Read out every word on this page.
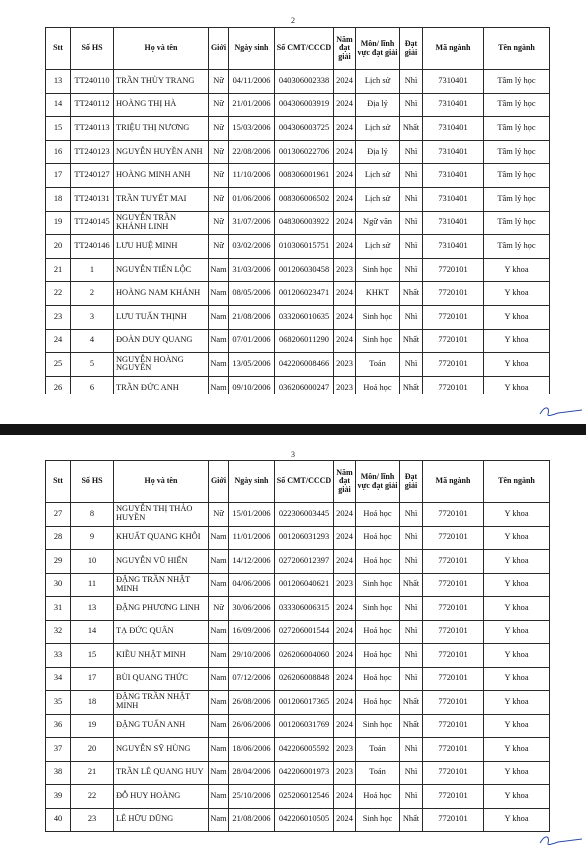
2
Stt	Số HS	Họ và tên	Giới	Ngày sinh	Số CMT/CCCD	Năm đạt giải	Môn/ lĩnh vực đạt giải	Đạt giải	Mã ngành	Tên ngành
13	TT240110	TRẦN THÙY TRANG	Nữ	04/11/2006	040306002338	2024	Lịch sử	Nhì	7310401	Tâm lý học
14	TT240112	HOÀNG THỊ HÀ	Nữ	21/01/2006	004306003919	2024	Địa lý	Nhì	7310401	Tâm lý học
15	TT240113	TRIỆU THỊ NƯƠNG	Nữ	15/03/2006	004306003725	2024	Lịch sử	Nhất	7310401	Tâm lý học
16	TT240123	NGUYỄN HUYỀN ANH	Nữ	22/08/2006	001306022706	2024	Địa lý	Nhì	7310401	Tâm lý học
17	TT240127	HOÀNG MINH ANH	Nữ	11/10/2006	008306001961	2024	Lịch sử	Nhì	7310401	Tâm lý học
18	TT240131	TRẦN TUYẾT MAI	Nữ	01/06/2006	008306006502	2024	Lịch sử	Nhì	7310401	Tâm lý học
19	TT240145	NGUYỄN TRẦN KHÁNH LINH	Nữ	31/07/2006	048306003922	2024	Ngữ văn	Nhì	7310401	Tâm lý học
20	TT240146	LƯU HUỆ MINH	Nữ	03/02/2006	010306015751	2024	Lịch sử	Nhì	7310401	Tâm lý học
21	1	NGUYỄN TIẾN LỘC	Nam	31/03/2006	001206030458	2023	Sinh học	Nhì	7720101	Y khoa
22	2	HOÀNG NAM KHÁNH	Nam	08/05/2006	001206023471	2024	KHKT	Nhất	7720101	Y khoa
23	3	LƯU TUẤN THỊNH	Nam	21/08/2006	033206010635	2024	Sinh học	Nhì	7720101	Y khoa
24	4	ĐOÀN DUY QUANG	Nam	07/01/2006	068206011290	2024	Sinh học	Nhất	7720101	Y khoa
25	5	NGUYỄN HOÀNG NGUYÊN	Nam	13/05/2006	042206008466	2023	Toán	Nhì	7720101	Y khoa
26	6	TRẦN ĐỨC ANH	Nam	09/10/2006	036206000247	2023	Hoá học	Nhất	7720101	Y khoa
3
Stt	Số HS	Họ và tên	Giới	Ngày sinh	Số CMT/CCCD	Năm đạt giải	Môn/ lĩnh vực đạt giải	Đạt giải	Mã ngành	Tên ngành
27	8	NGUYỄN THỊ THẢO HUYỀN	Nữ	15/01/2006	022306003445	2024	Hoá học	Nhì	7720101	Y khoa
28	9	KHUẤT QUANG KHÔI	Nam	11/01/2006	001206031293	2024	Hoá học	Nhì	7720101	Y khoa
29	10	NGUYỄN VŨ HIỂN	Nam	14/12/2006	027206012397	2024	Hoá học	Nhì	7720101	Y khoa
30	11	ĐẶNG TRẦN NHẬT MINH	Nam	04/06/2006	001206040621	2023	Sinh học	Nhất	7720101	Y khoa
31	13	ĐẶNG PHƯƠNG LINH	Nữ	30/06/2006	033306006315	2024	Sinh học	Nhì	7720101	Y khoa
32	14	TẠ ĐỨC QUÂN	Nam	16/09/2006	027206001544	2024	Hoá học	Nhì	7720101	Y khoa
33	15	KIỀU NHẬT MINH	Nam	29/10/2006	026206004060	2024	Hoá học	Nhì	7720101	Y khoa
34	17	BÙI QUANG THỨC	Nam	07/12/2006	026206008848	2024	Hoá học	Nhì	7720101	Y khoa
35	18	ĐẶNG TRẦN NHẬT MINH	Nam	26/08/2006	001206017365	2024	Hoá học	Nhất	7720101	Y khoa
36	19	ĐẶNG TUẤN ANH	Nam	26/06/2006	001206031769	2024	Sinh học	Nhất	7720101	Y khoa
37	20	NGUYỄN SỸ HÙNG	Nam	18/06/2006	042206005592	2023	Toán	Nhì	7720101	Y khoa
38	21	TRẦN LÊ QUANG HUY	Nam	28/04/2006	042206001973	2023	Toán	Nhì	7720101	Y khoa
39	22	ĐỖ HUY HOÀNG	Nam	25/10/2006	025206012546	2024	Hoá học	Nhì	7720101	Y khoa
40	23	LÊ HỮU DŨNG	Nam	21/08/2006	042206010505	2024	Sinh học	Nhất	7720101	Y khoa
